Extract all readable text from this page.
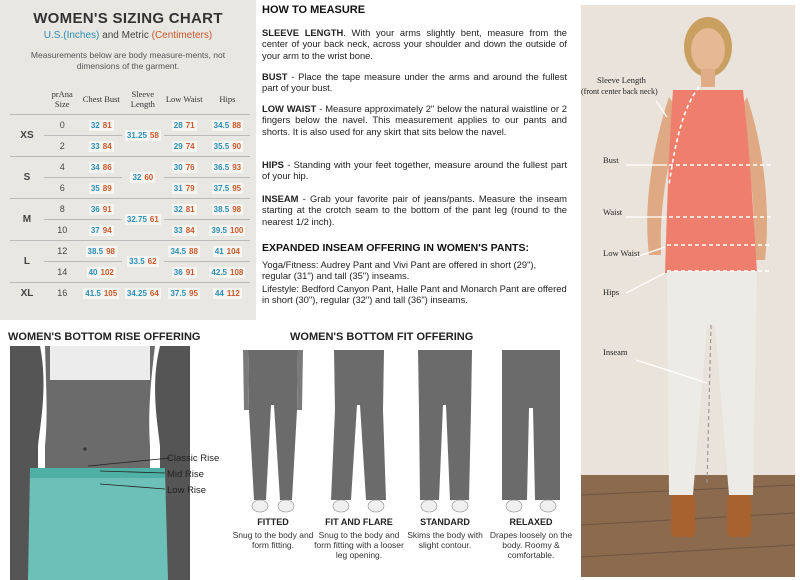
WOMEN'S SIZING CHART
U.S.(Inches) and Metric (Centimeters)
Measurements below are body measure-ments, not dimensions of the garment.
	prAna Size	Chest Bust	Sleeve Length	Low Waist	Hips
XS	0	32 81	31.25 58	28 71	34.5 88
	2	33 84		29 74	35.5 90
S	4	34 86	32 60	30 76	36.5 93
	6	35 89		31 79	37.5 95
M	8	36 91	32.75 61	32 81	38.5 98
	10	37 94		33 84	39.5 100
L	12	38.5 98	33.5 62	34.5 88	41 104
	14	40 102		36 91	42.5 108
XL	16	41.5 105	34.25 64	37.5 95	44 112
HOW TO MEASURE
SLEEVE LENGTH. With your arms slightly bent, measure from the center of your back neck, across your shoulder and down the outside of your arm to the wrist bone.
BUST - Place the tape measure under the arms and around the fullest part of your bust.
LOW WAIST - Measure approximately 2" below the natural waistline or 2 fingers below the navel. This measurement applies to our pants and shorts. It is also used for any skirt that sits below the navel.
HIPS - Standing with your feet together, measure around the fullest part of your hip.
INSEAM - Grab your favorite pair of jeans/pants. Measure the inseam starting at the crotch seam to the bottom of the pant leg (round to the nearest 1/2 inch).
EXPANDED INSEAM OFFERING IN WOMEN'S PANTS:
Yoga/Fitness: Audrey Pant and Vivi Pant are offered in short (29"), regular (31") and tall (35") inseams.
Lifestyle: Bedford Canyon Pant, Halle Pant and Monarch Pant are offered in short (30"), regular (32") and tall (36") inseams.
WOMEN'S BOTTOM RISE OFFERING
Classic Rise
Mid Rise
Low Rise
WOMEN'S BOTTOM FIT OFFERING
FITTED
Snug to the body and form fitting.
FIT AND FLARE
Snug to the body and form fitting with a looser leg opening.
STANDARD
Skims the body with slight contour.
RELAXED
Drapes loosely on the body. Roomy & comfortable.
Sleeve Length
(front center back neck)
Bust
Waist
Low Waist
Hips
Inseam
